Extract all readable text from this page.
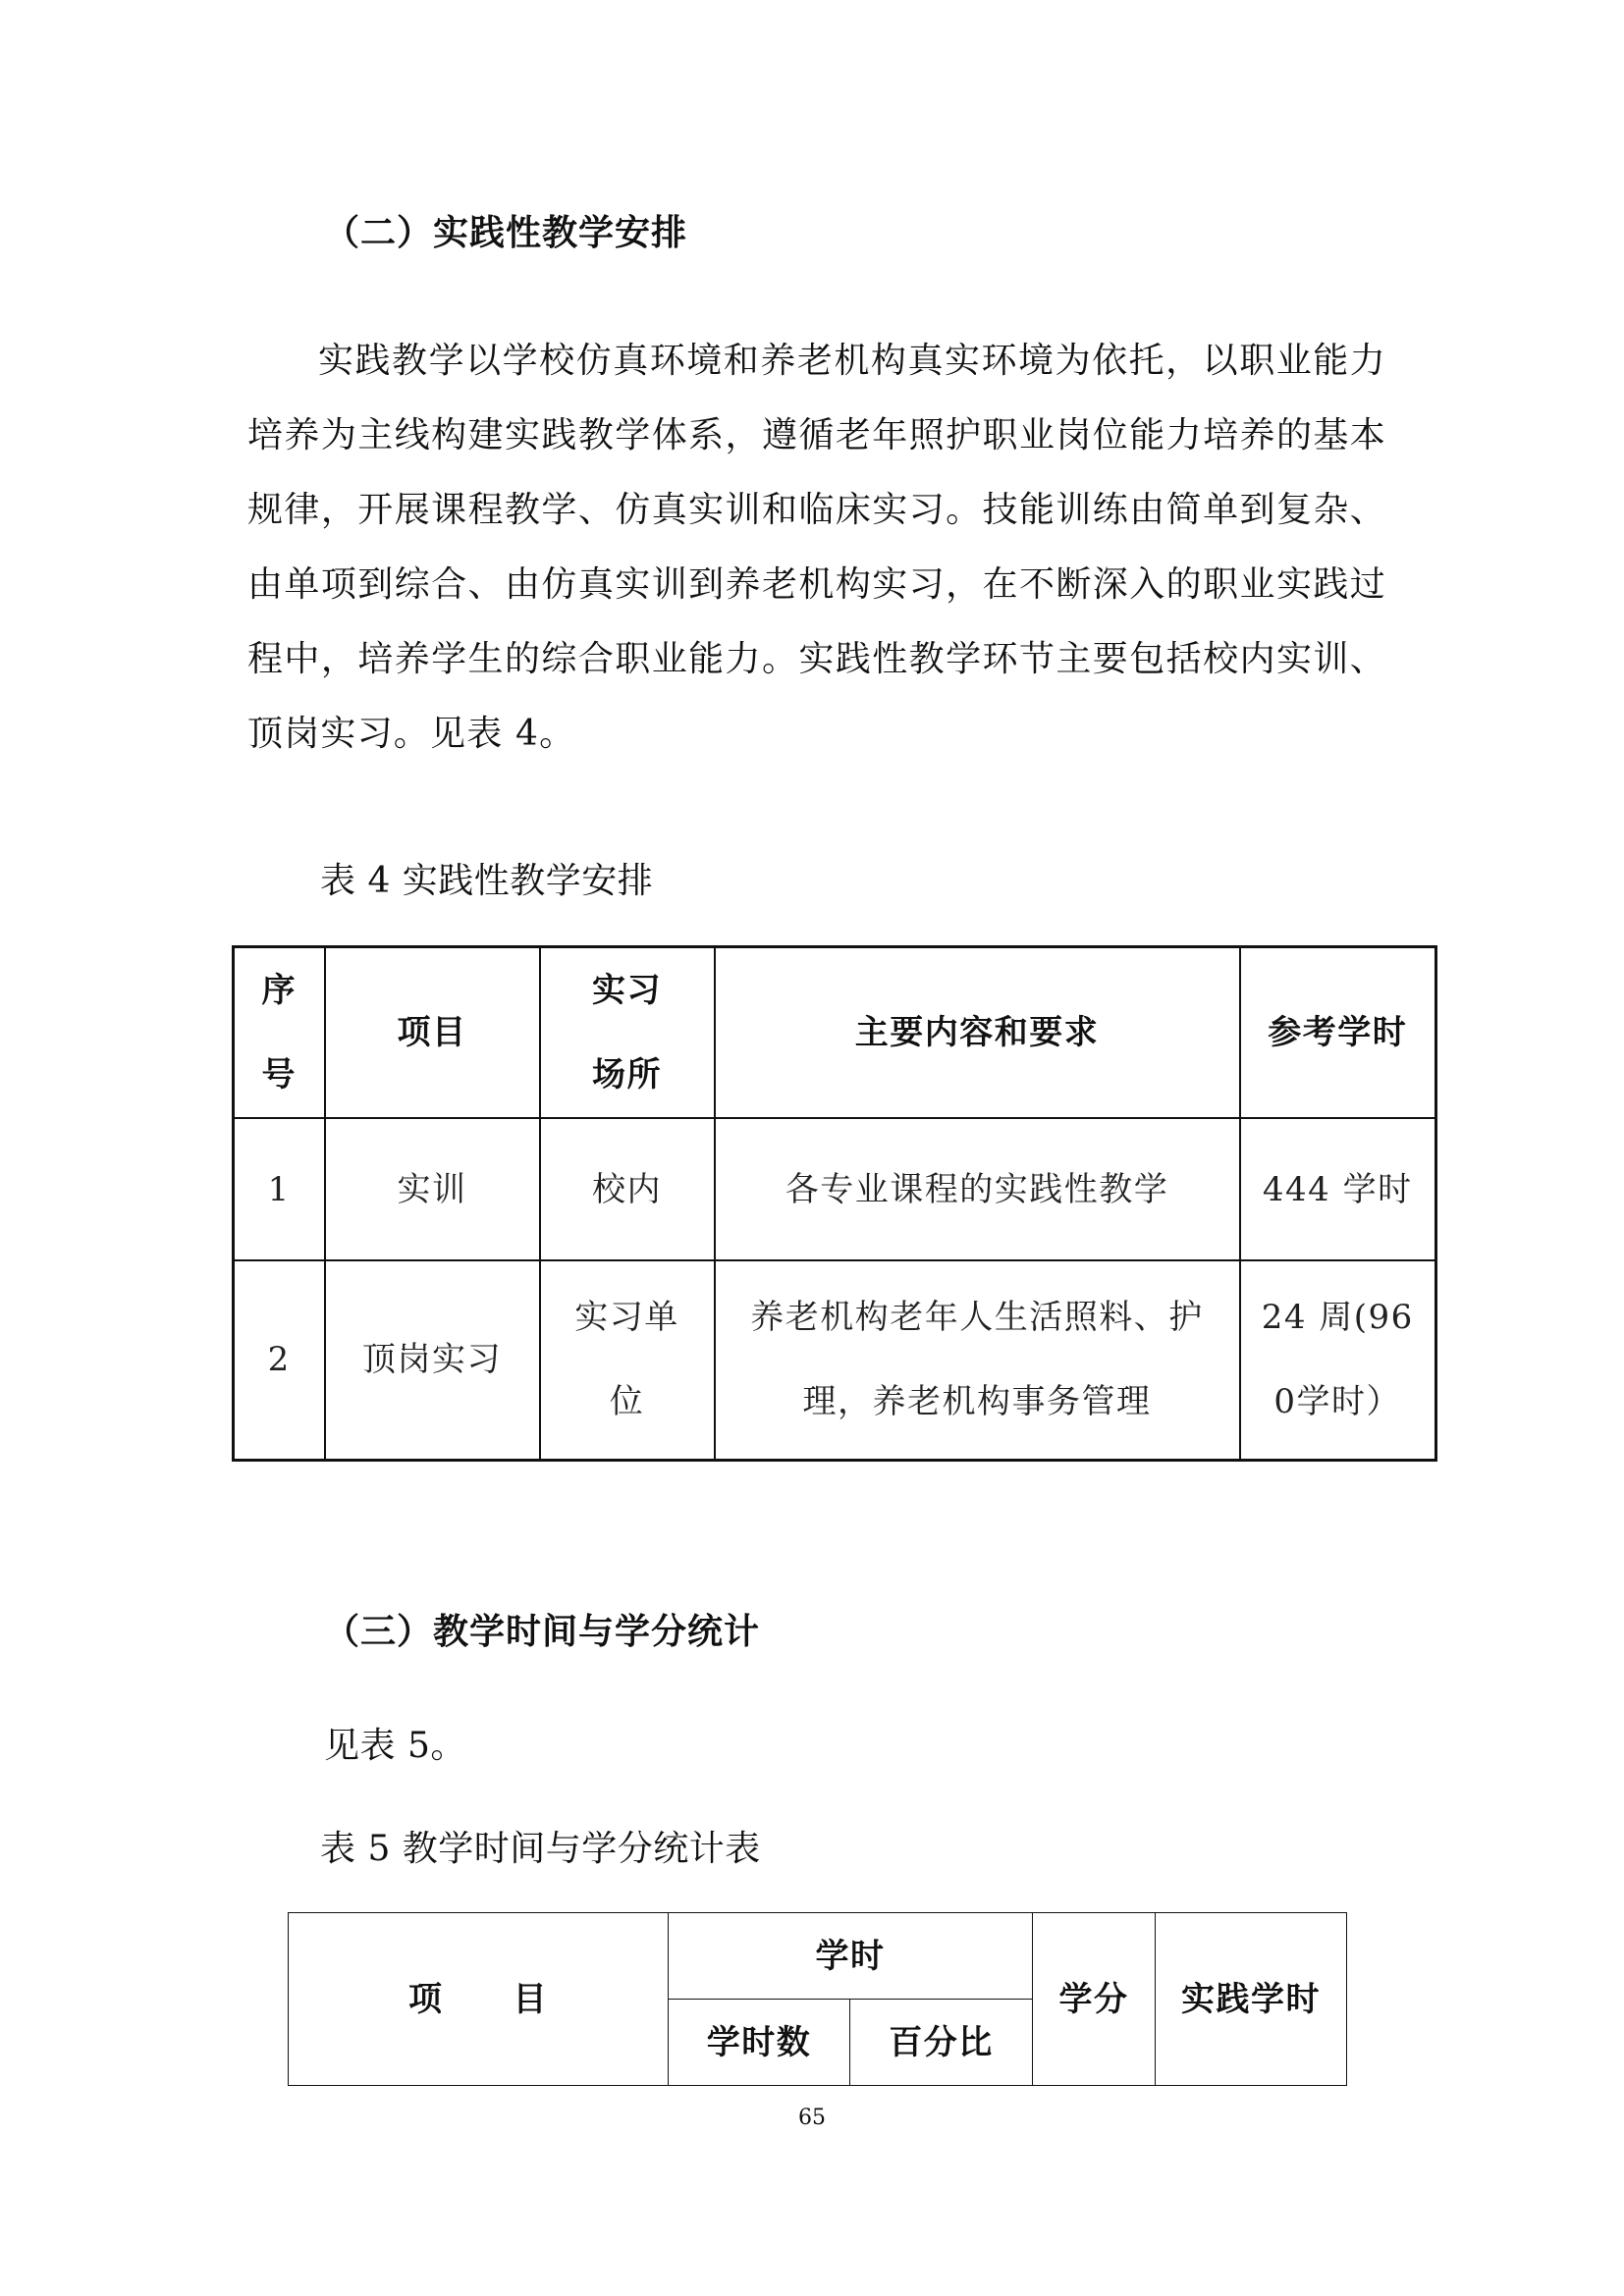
（二）实践性教学安排

实践教学以学校仿真环境和养老机构真实环境为依托，以职业能力培养为主线构建实践教学体系，遵循老年照护职业岗位能力培养的基本规律，开展课程教学、仿真实训和临床实习。技能训练由简单到复杂、由单项到综合、由仿真实训到养老机构实习，在不断深入的职业实践过程中，培养学生的综合职业能力。实践性教学环节主要包括校内实训、顶岗实习。见表 4。

表 4 实践性教学安排
序号	项目	实习场所	主要内容和要求	参考学时
1	实训	校内	各专业课程的实践性教学	444 学时
2	顶岗实习	实习单位	养老机构老年人生活照料、护理，养老机构事务管理	24 周(960学时）
（三）教学时间与学分统计
见表 5。
表 5 教学时间与学分统计表
项　　目	学时		学分	实践学时
	学时数	百分比		
65
